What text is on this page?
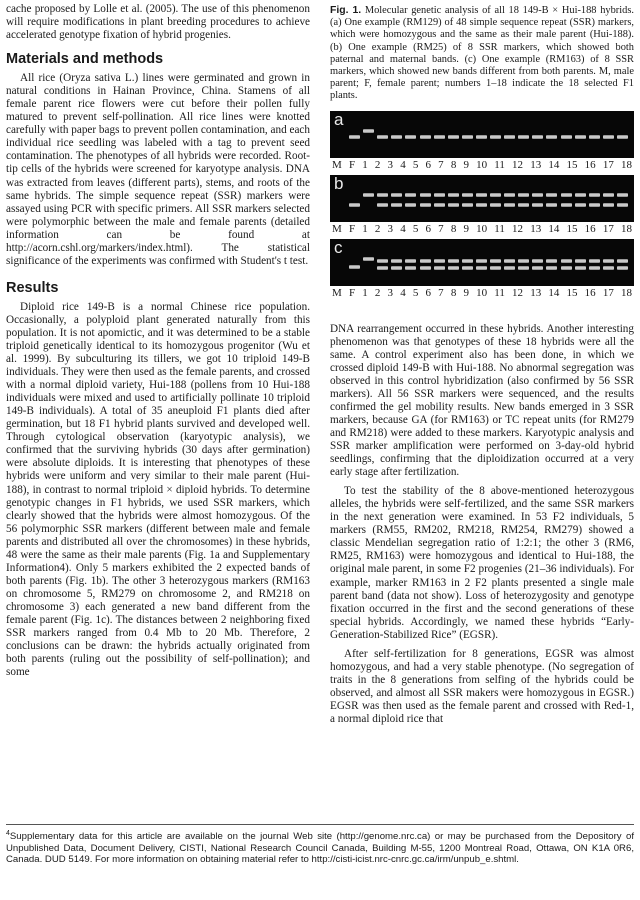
cache proposed by Lolle et al. (2005). The use of this phenomenon will require modifications in plant breeding procedures to achieve accelerated genotype fixation of hybrid progenies.

Materials and methods

All rice (Oryza sativa L.) lines were germinated and grown in natural conditions in Hainan Province, China. Stamens of all female parent rice flowers were cut before their pollen fully matured to prevent self-pollination. All rice lines were knotted carefully with paper bags to prevent pollen contamination, and each individual rice seedling was labeled with a tag to prevent seed contamination. The phenotypes of all hybrids were recorded. Root-tip cells of the hybrids were screened for karyotype analysis. DNA was extracted from leaves (different parts), stems, and roots of the same hybrids. The simple sequence repeat (SSR) markers were assayed using PCR with specific primers. All SSR markers selected were polymorphic between the male and female parents (detailed information can be found at http://acorn.cshl.org/markers/index.html). The statistical significance of the experiments was confirmed with Student's t test.

Results

Diploid rice 149-B is a normal Chinese rice population. Occasionally, a polyploid plant generated naturally from this population. It is not apomictic, and it was determined to be a stable triploid genetically identical to its homozygous progenitor (Wu et al. 1999). By subculturing its tillers, we got 10 triploid 149-B individuals. They were then used as the female parents, and crossed with a normal diploid variety, Hui-188 (pollens from 10 Hui-188 individuals were mixed and used to artificially pollinate 10 triploid 149-B individuals). A total of 35 aneuploid F1 plants died after germination, but 18 F1 hybrid plants survived and developed well. Through cytological observation (karyotypic analysis), we confirmed that the surviving hybrids (30 days after germination) were absolute diploids. It is interesting that phenotypes of these hybrids were uniform and very similar to their male parent (Hui-188), in contrast to normal triploid × diploid hybrids. To determine genotypic changes in F1 hybrids, we used SSR markers, which clearly showed that the hybrids were almost homozygous. Of the 56 polymorphic SSR markers (different between male and female parents and distributed all over the chromosomes) in these hybrids, 48 were the same as their male parents (Fig. 1a and Supplementary Information4). Only 5 markers exhibited the 2 expected bands of both parents (Fig. 1b). The other 3 heterozygous markers (RM163 on chromosome 5, RM279 on chromosome 2, and RM218 on chromosome 3) each generated a new band different from the female parent (Fig. 1c). The distances between 2 neighboring fixed SSR markers ranged from 0.4 Mb to 20 Mb. Therefore, 2 conclusions can be drawn: the hybrids actually originated from both parents (ruling out the possibility of self-pollination); and some

Fig. 1. Molecular genetic analysis of all 18 149-B × Hui-188 hybrids. (a) One example (RM129) of 48 simple sequence repeat (SSR) markers, which were homozygous and the same as their male parent (Hui-188). (b) One example (RM25) of 8 SSR markers, which showed both paternal and maternal bands. (c) One example (RM163) of 8 SSR markers, which showed new bands different from both parents. M, male parent; F, female parent; numbers 1–18 indicate the 18 selected F1 plants.

a
M F 1 2 3 4 5 6 7 8 9 10 11 12 13 14 15 16 17 18
b
M F 1 2 3 4 5 6 7 8 9 10 11 12 13 14 15 16 17 18
c
M F 1 2 3 4 5 6 7 8 9 10 11 12 13 14 15 16 17 18

DNA rearrangement occurred in these hybrids. Another interesting phenomenon was that genotypes of these 18 hybrids were all the same. A control experiment also has been done, in which we crossed diploid 149-B with Hui-188. No abnormal segregation was observed in this control hybridization (also confirmed by 56 SSR markers). All 56 SSR markers were sequenced, and the results confirmed the gel mobility results. New bands emerged in 3 SSR markers, because GA (for RM163) or TC repeat units (for RM279 and RM218) were added to these markers. Karyotypic analysis and SSR marker amplification were performed on 3-day-old hybrid seedlings, confirming that the diploidization occurred at a very early stage after fertilization.

To test the stability of the 8 above-mentioned heterozygous alleles, the hybrids were self-fertilized, and the same SSR markers in the next generation were examined. In 53 F2 individuals, 5 markers (RM55, RM202, RM218, RM254, RM279) showed a classic Mendelian segregation ratio of 1:2:1; the other 3 (RM6, RM25, RM163) were homozygous and identical to Hui-188, the original male parent, in some F2 progenies (21–36 individuals). For example, marker RM163 in 2 F2 plants presented a single male parent band (data not show). Loss of heterozygosity and genotype fixation occurred in the first and the second generations of these special hybrids. Accordingly, we named these hybrids “Early-Generation-Stabilized Rice” (EGSR).

After self-fertilization for 8 generations, EGSR was almost homozygous, and had a very stable phenotype. (No segregation of traits in the 8 generations from selfing of the hybrids could be observed, and almost all SSR makers were homozygous in EGSR.) EGSR was then used as the female parent and crossed with Red-1, a normal diploid rice that

$^4$Supplementary data for this article are available on the journal Web site (http://genome.nrc.ca) or may be purchased from the Depository of Unpublished Data, Document Delivery, CISTI, National Research Council Canada, Building M-55, 1200 Montreal Road, Ottawa, ON K1A 0R6, Canada. DUD 5149. For more information on obtaining material refer to http://cisti-icist.nrc-cnrc.gc.ca/irm/unpub_e.shtml.
